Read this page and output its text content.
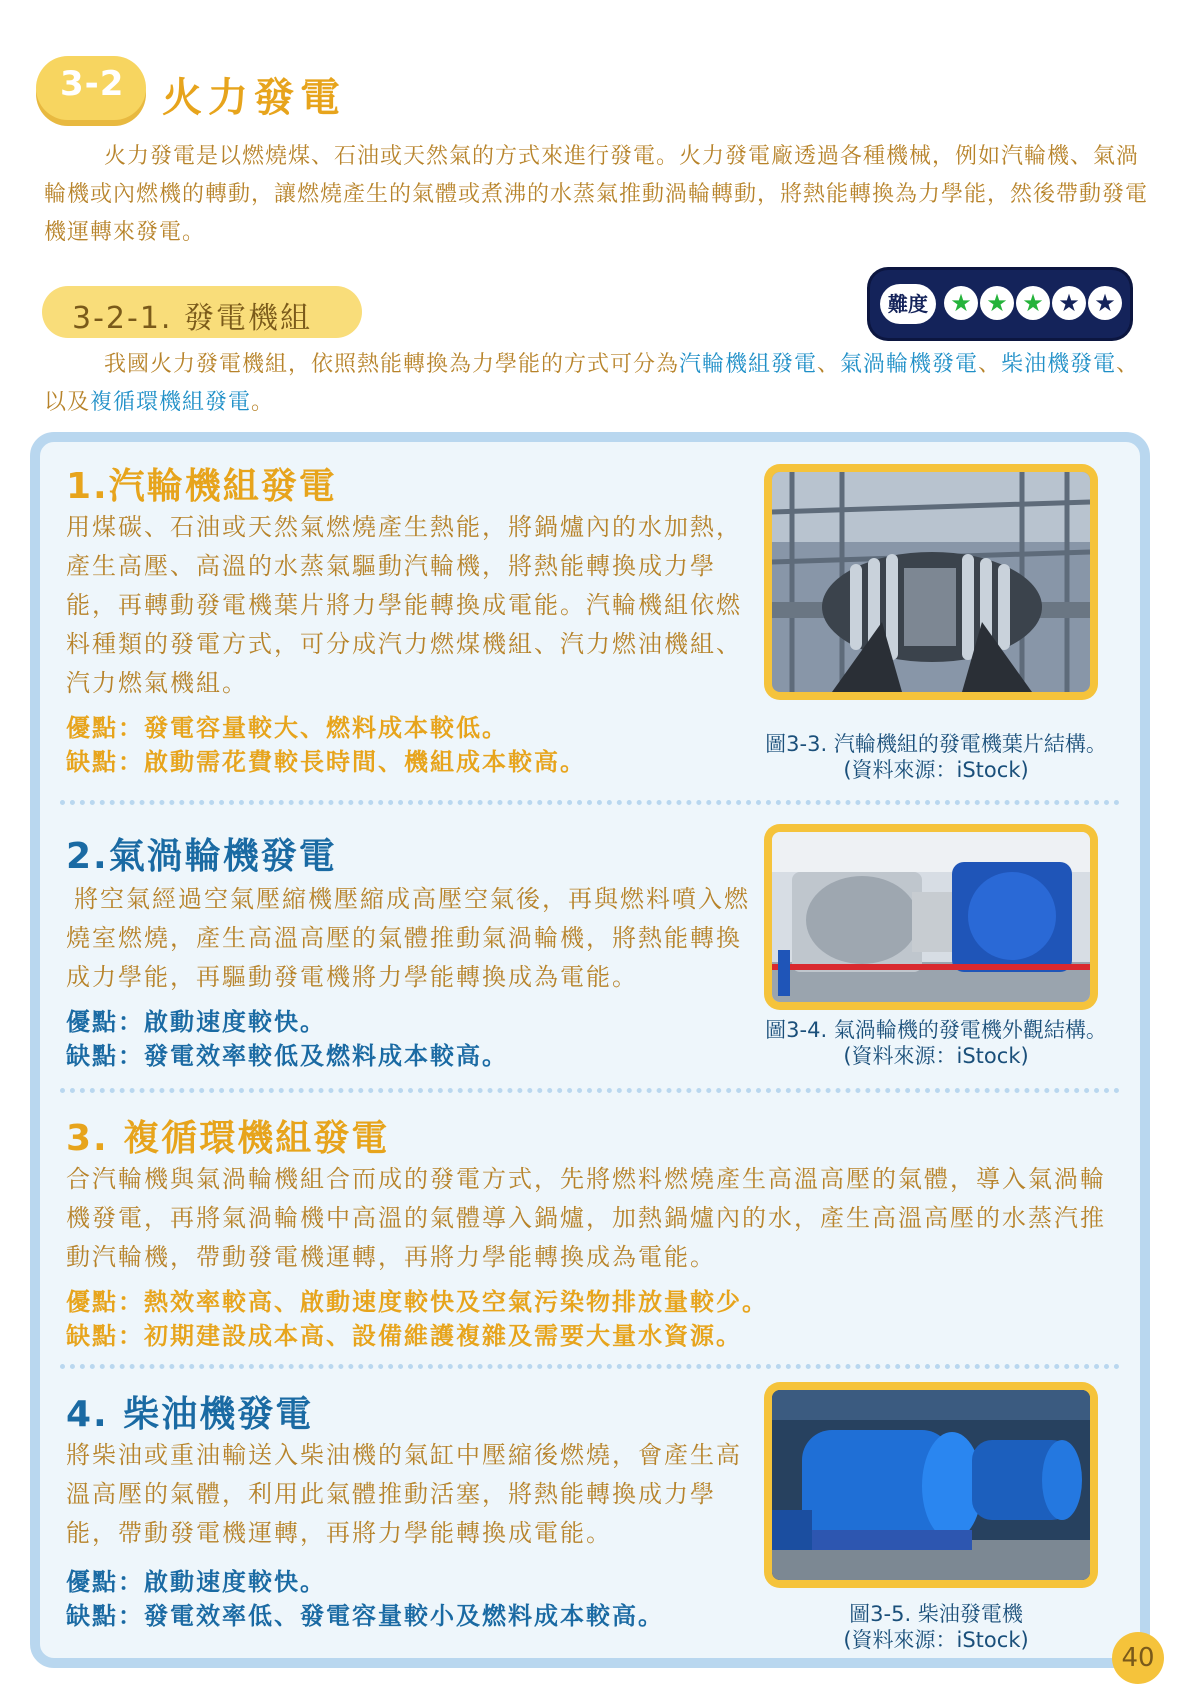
3-2 火力發電
火力發電是以燃燒煤、石油或天然氣的方式來進行發電。火力發電廠透過各種機械，例如汽輪機、氣渦輪機或內燃機的轉動，讓燃燒產生的氣體或煮沸的水蒸氣推動渦輪轉動，將熱能轉換為力學能，然後帶動發電機運轉來發電。
3-2-1. 發電機組	難度 ★ ★ ★ ★ ★
我國火力發電機組，依照熱能轉換為力學能的方式可分為汽輪機組發電、氣渦輪機發電、柴油機發電、以及複循環機組發電。
1.汽輪機組發電
用煤碳、石油或天然氣燃燒產生熱能，將鍋爐內的水加熱，產生高壓、高溫的水蒸氣驅動汽輪機，將熱能轉換成力學能，再轉動發電機葉片將力學能轉換成電能。汽輪機組依燃料種類的發電方式，可分成汽力燃煤機組、汽力燃油機組、汽力燃氣機組。
優點：發電容量較大、燃料成本較低。
缺點：啟動需花費較長時間、機組成本較高。
圖3-3. 汽輪機組的發電機葉片結構。
(資料來源：iStock)
2.氣渦輪機發電
將空氣經過空氣壓縮機壓縮成高壓空氣後，再與燃料噴入燃燒室燃燒，產生高溫高壓的氣體推動氣渦輪機，將熱能轉換成力學能，再驅動發電機將力學能轉換成為電能。
優點：啟動速度較快。
缺點：發電效率較低及燃料成本較高。
圖3-4. 氣渦輪機的發電機外觀結構。
(資料來源：iStock)
3. 複循環機組發電
合汽輪機與氣渦輪機組合而成的發電方式，先將燃料燃燒產生高溫高壓的氣體，導入氣渦輪機發電，再將氣渦輪機中高溫的氣體導入鍋爐，加熱鍋爐內的水，產生高溫高壓的水蒸汽推動汽輪機，帶動發電機運轉，再將力學能轉換成為電能。
優點：熱效率較高、啟動速度較快及空氣污染物排放量較少。
缺點：初期建設成本高、設備維護複雜及需要大量水資源。
4. 柴油機發電
將柴油或重油輸送入柴油機的氣缸中壓縮後燃燒，會產生高溫高壓的氣體，利用此氣體推動活塞，將熱能轉換成力學能，帶動發電機運轉，再將力學能轉換成電能。
優點：啟動速度較快。
缺點：發電效率低、發電容量較小及燃料成本較高。	圖3-5. 柴油發電機
(資料來源：iStock)
40
